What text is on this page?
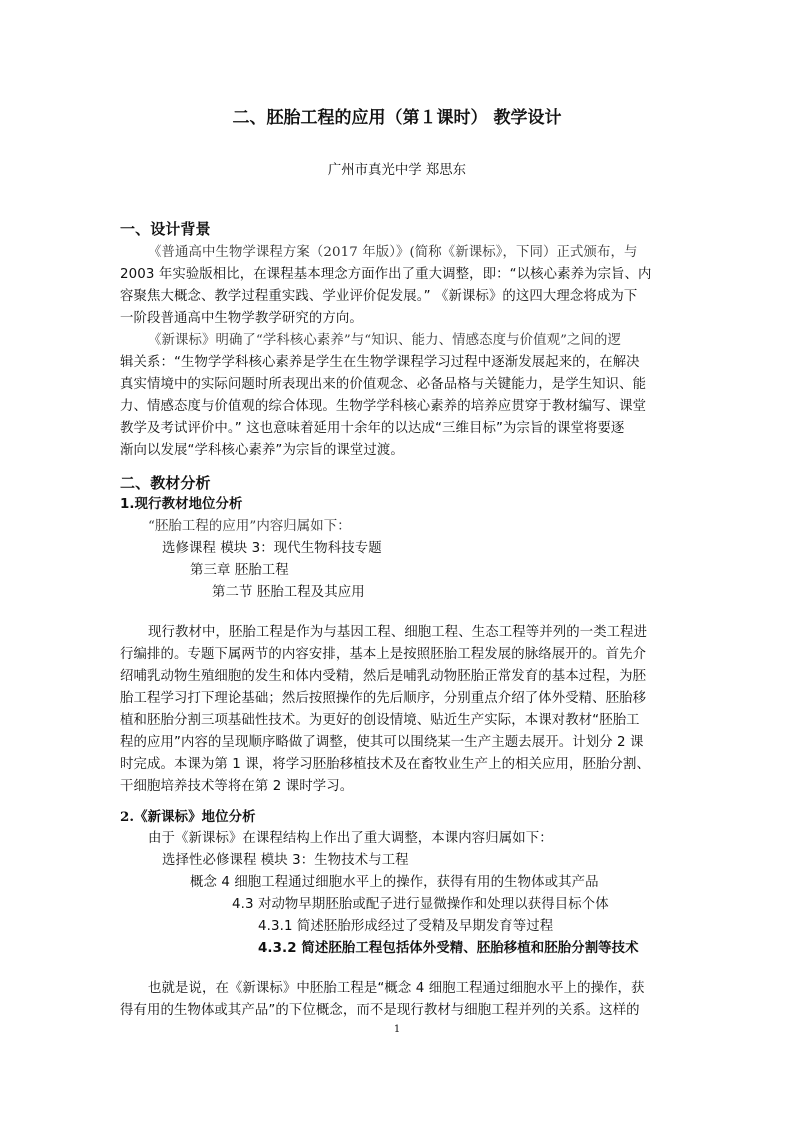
二、胚胎工程的应用（第１课时） 教学设计
广州市真光中学 郑思东
一、设计背景
《普通高中生物学课程方案（2017 年版）》(简称《新课标》，下同）正式颁布，与
2003 年实验版相比，在课程基本理念方面作出了重大调整，即：“以核心素养为宗旨、内
容聚焦大概念、教学过程重实践、学业评价促发展。” 《新课标》的这四大理念将成为下
一阶段普通高中生物学教学研究的方向。
《新课标》明确了“学科核心素养”与“知识、能力、情感态度与价值观”之间的逻
辑关系：“生物学学科核心素养是学生在生物学课程学习过程中逐渐发展起来的，在解决
真实情境中的实际问题时所表现出来的价值观念、必备品格与关键能力，是学生知识、能
力、情感态度与价值观的综合体现。生物学学科核心素养的培养应贯穿于教材编写、课堂
教学及考试评价中。” 这也意味着延用十余年的以达成“三维目标”为宗旨的课堂将要逐
渐向以发展“学科核心素养”为宗旨的课堂过渡。
二、教材分析
1.现行教材地位分析
“胚胎工程的应用”内容归属如下：
选修课程 模块 3：现代生物科技专题
第三章 胚胎工程
第二节 胚胎工程及其应用
现行教材中，胚胎工程是作为与基因工程、细胞工程、生态工程等并列的一类工程进
行编排的。专题下属两节的内容安排，基本上是按照胚胎工程发展的脉络展开的。首先介
绍哺乳动物生殖细胞的发生和体内受精，然后是哺乳动物胚胎正常发育的基本过程，为胚
胎工程学习打下理论基础；然后按照操作的先后顺序，分别重点介绍了体外受精、胚胎移
植和胚胎分割三项基础性技术。为更好的创设情境、贴近生产实际，本课对教材“胚胎工
程的应用”内容的呈现顺序略做了调整，使其可以围绕某一生产主题去展开。计划分 2 课
时完成。本课为第 1 课，将学习胚胎移植技术及在畜牧业生产上的相关应用，胚胎分割、
干细胞培养技术等将在第 2 课时学习。
2.《新课标》地位分析
由于《新课标》在课程结构上作出了重大调整，本课内容归属如下：
选择性必修课程 模块 3：生物技术与工程
概念 4 细胞工程通过细胞水平上的操作，获得有用的生物体或其产品
4.3 对动物早期胚胎或配子进行显微操作和处理以获得目标个体
4.3.1 简述胚胎形成经过了受精及早期发育等过程
4.3.2 简述胚胎工程包括体外受精、胚胎移植和胚胎分割等技术
也就是说，在《新课标》中胚胎工程是“概念 4 细胞工程通过细胞水平上的操作，获
得有用的生物体或其产品”的下位概念，而不是现行教材与细胞工程并列的关系。这样的
1
